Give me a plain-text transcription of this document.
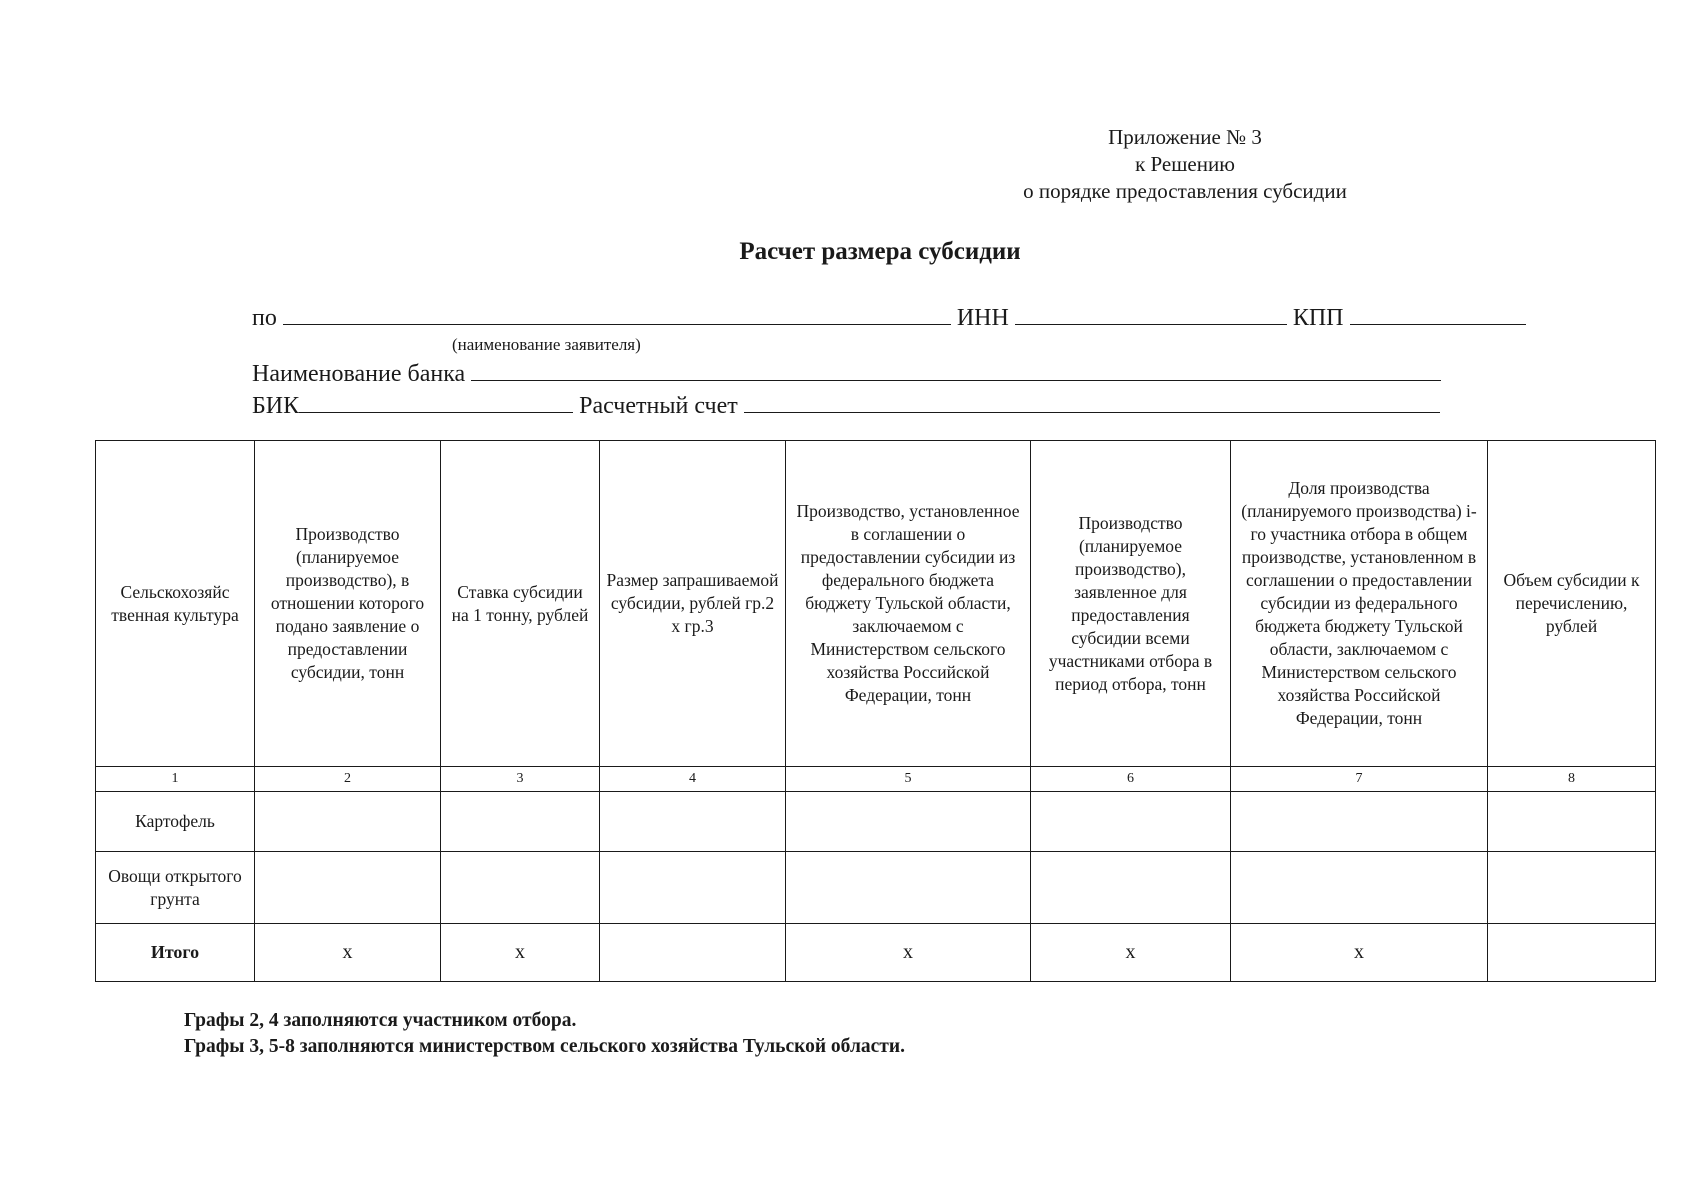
Приложение № 3
к Решению
о порядке предоставления субсидии
Расчет размера субсидии
по	ИНН	КПП
(наименование заявителя)
Наименование банка
БИК	Расчетный счет
Сельскохозяйс твенная культура	Производство (планируемое производство), в отношении которого подано заявление о предоставлении субсидии, тонн	Ставка субсидии на 1 тонну, рублей	Размер запрашиваемой субсидии, рублей гр.2 х гр.3	Производство, установленное в соглашении о предоставлении субсидии из федерального бюджета бюджету Тульской области, заключаемом с Министерством сельского хозяйства Российской Федерации, тонн	Производство (планируемое производство), заявленное для предоставления субсидии всеми участниками отбора в период отбора, тонн	Доля производства (планируемого производства) i-го участника отбора в общем производстве, установленном в соглашении о предоставлении субсидии из федерального бюджета бюджету Тульской области, заключаемом с Министерством сельского хозяйства Российской Федерации, тонн	Объем субсидии к перечислению, рублей
1	2	3	4	5	6	7	8
Картофель							
Овощи открытого грунта							
Итого	х	х		х	х	х	
Графы 2, 4 заполняются участником отбора.
Графы 3, 5-8 заполняются министерством сельского хозяйства Тульской области.
